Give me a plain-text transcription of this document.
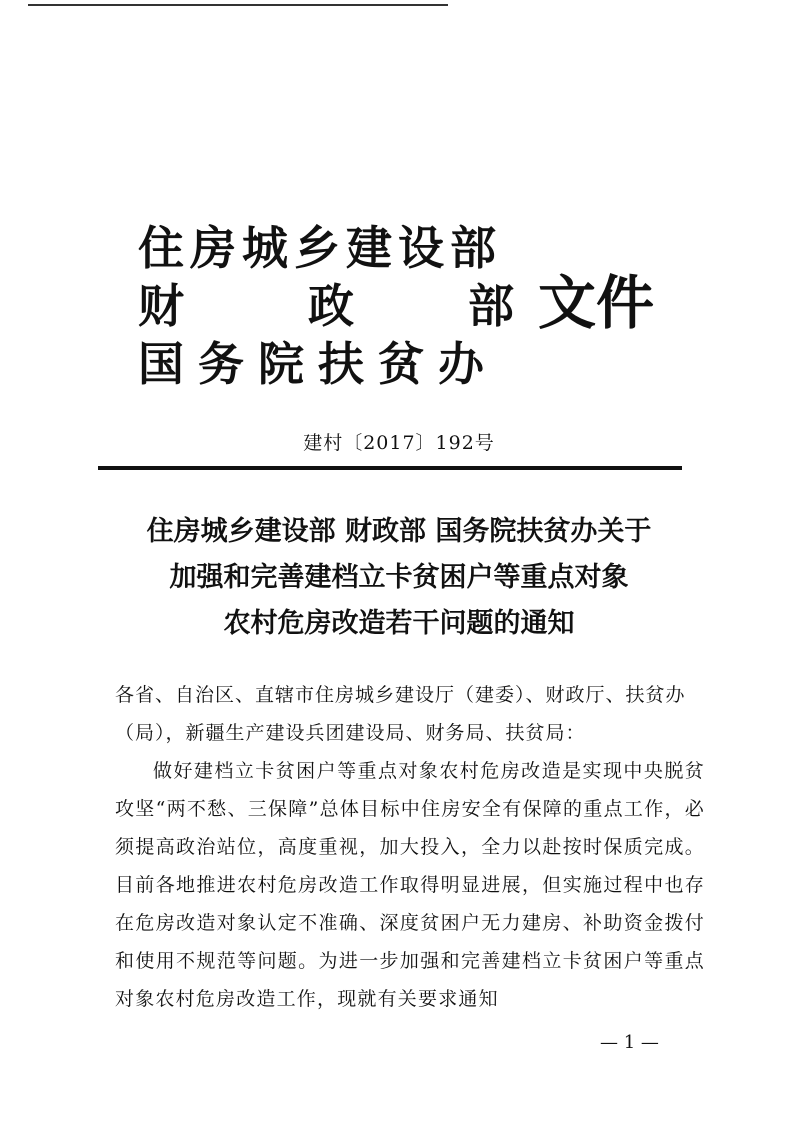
住房城乡建设部
财	政 部
国务院扶贫办
文件
建村〔2017〕192号
住房城乡建设部 财政部 国务院扶贫办关于
加强和完善建档立卡贫困户等重点对象
农村危房改造若干问题的通知
各省、自治区、直辖市住房城乡建设厅（建委）、财政厅、扶贫办（局），新疆生产建设兵团建设局、财务局、扶贫局：
做好建档立卡贫困户等重点对象农村危房改造是实现中央脱贫攻坚“两不愁、三保障”总体目标中住房安全有保障的重点工作，必须提高政治站位，高度重视，加大投入，全力以赴按时保质完成。目前各地推进农村危房改造工作取得明显进展，但实施过程中也存在危房改造对象认定不准确、深度贫困户无力建房、补助资金拨付和使用不规范等问题。为进一步加强和完善建档立卡贫困户等重点对象农村危房改造工作，现就有关要求通知
— 1 —
